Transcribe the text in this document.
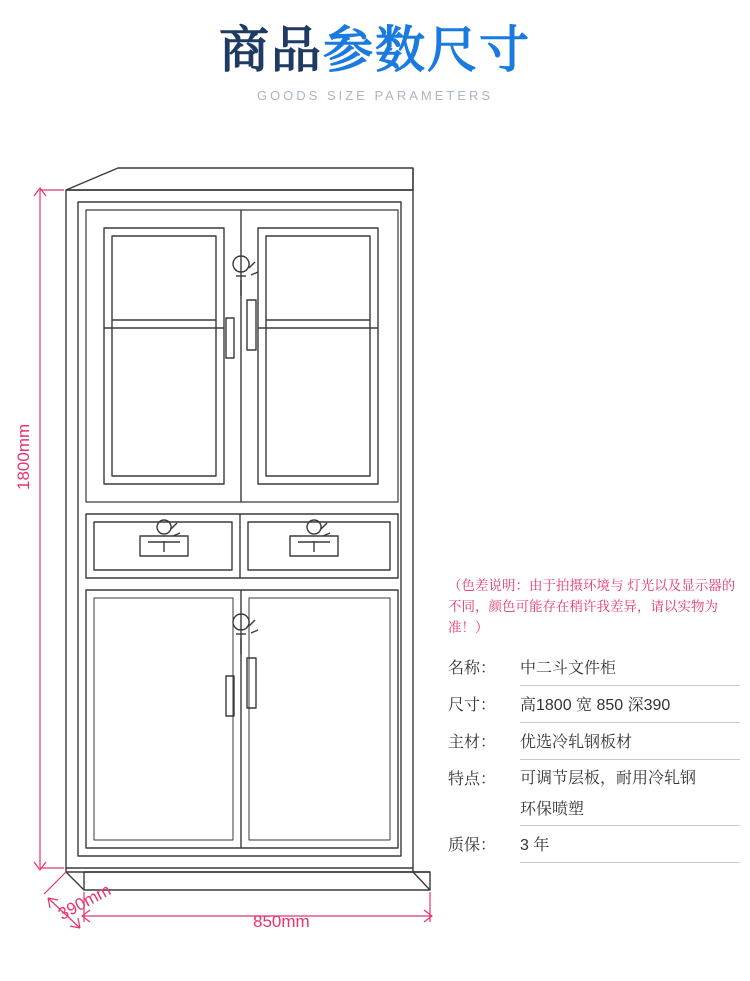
商品参数尺寸
GOODS SIZE PARAMETERS
1800mm
850mm
390mm
（色差说明：由于拍摄环境与 灯光以及显示器的不同，颜色可能存在稍许我差异，请以实物为准！）
名称：	中二斗文件柜
尺寸：	高1800 宽 850 深390
主材：	优选冷轧钢板材
特点：	可调节层板，耐用冷轧钢
环保喷塑
质保：	3 年
